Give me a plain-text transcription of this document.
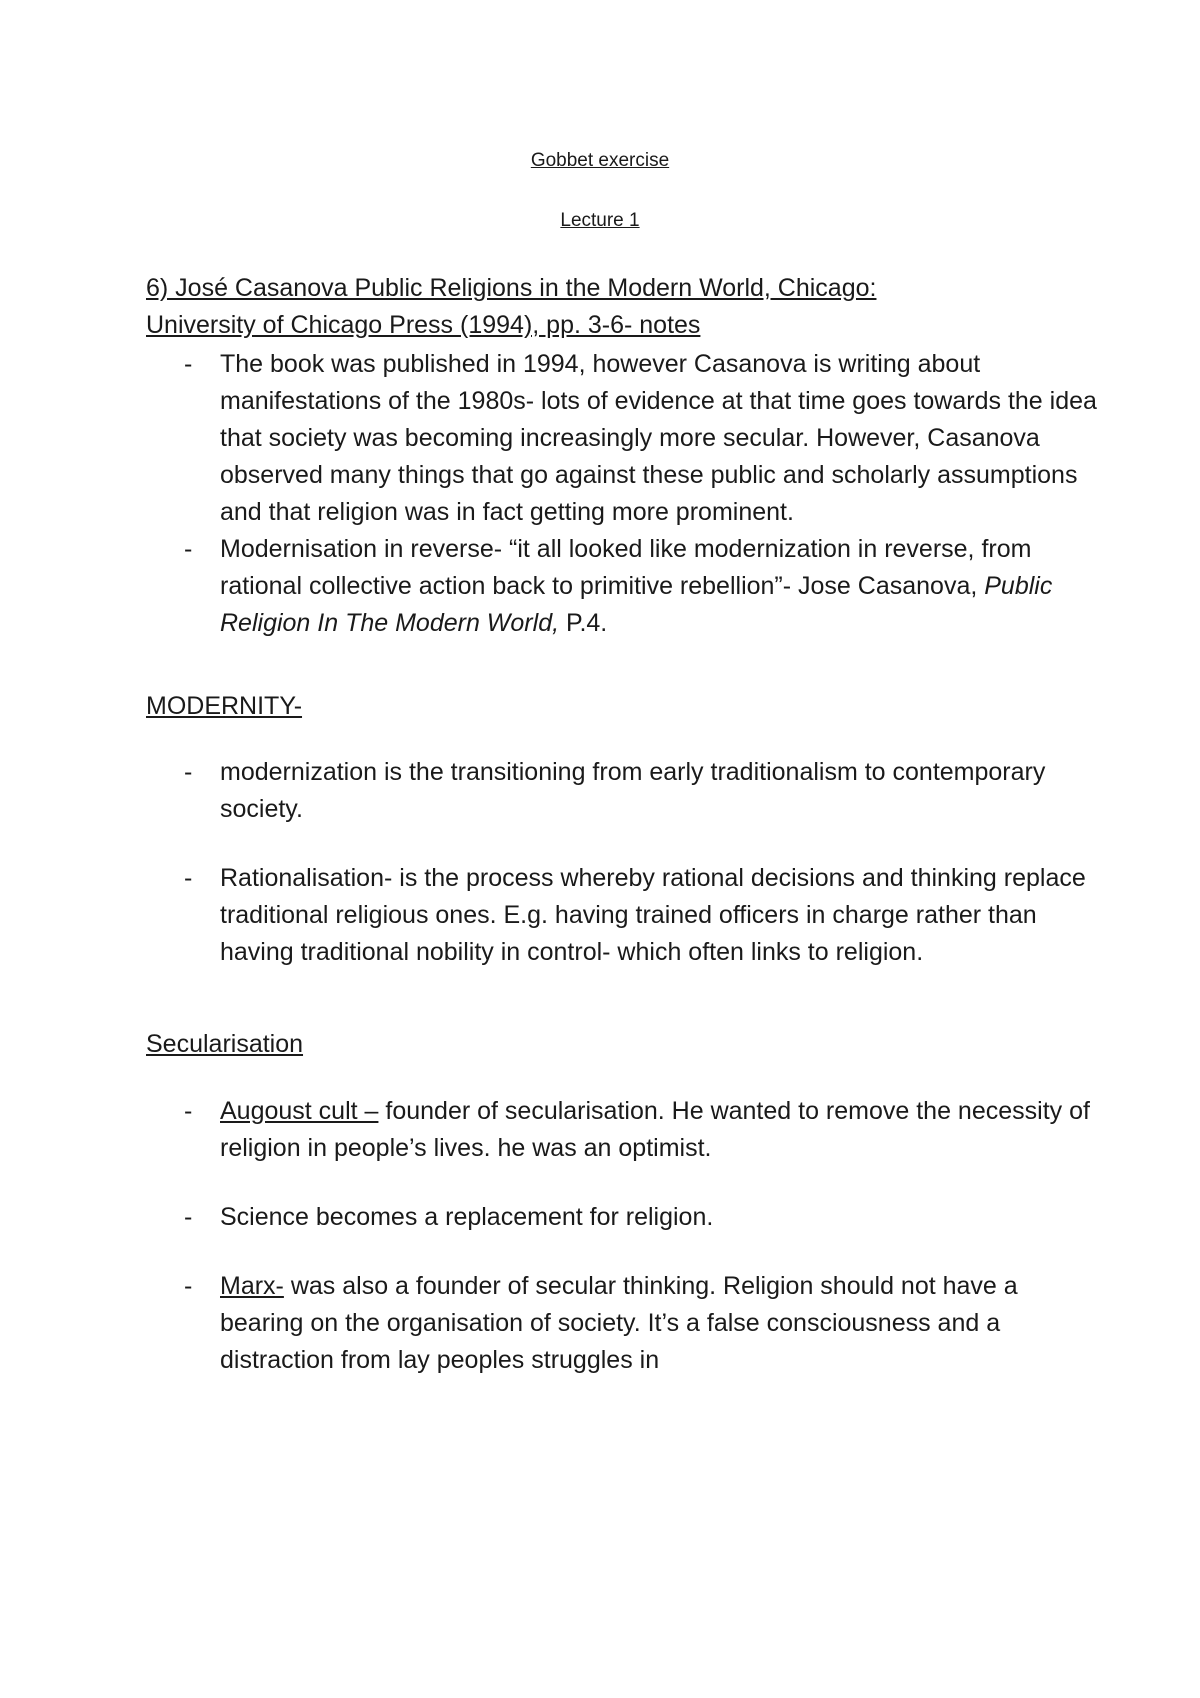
Gobbet exercise
Lecture 1
6) José Casanova Public Religions in the Modern World, Chicago:
University of Chicago Press (1994), pp. 3-6- notes
- The book was published in 1994, however Casanova is writing about manifestations of the 1980s- lots of evidence at that time goes towards the idea that society was becoming increasingly more secular. However, Casanova observed many things that go against these public and scholarly assumptions and that religion was in fact getting more prominent.
- Modernisation in reverse- “it all looked like modernization in reverse, from rational collective action back to primitive rebellion”- Jose Casanova, Public Religion In The Modern World, P.4.
MODERNITY-
- modernization is the transitioning from early traditionalism to contemporary society.
- Rationalisation- is the process whereby rational decisions and thinking replace traditional religious ones. E.g. having trained officers in charge rather than having traditional nobility in control- which often links to religion.
Secularisation
- Augoust cult – founder of secularisation. He wanted to remove the necessity of religion in people’s lives. he was an optimist.
- Science becomes a replacement for religion.
- Marx- was also a founder of secular thinking. Religion should not have a bearing on the organisation of society. It’s a false consciousness and a distraction from lay peoples struggles in
